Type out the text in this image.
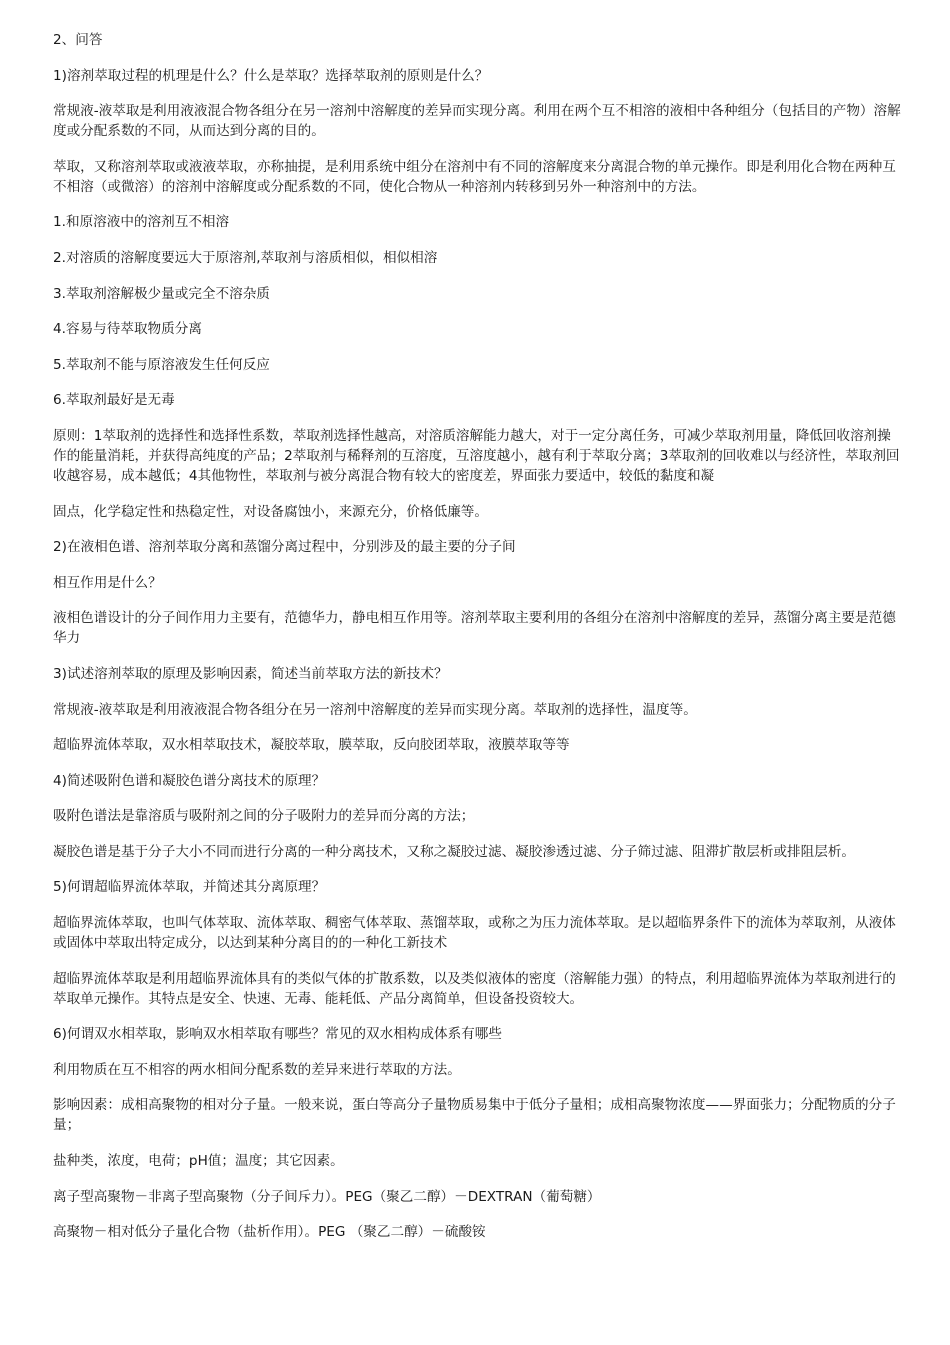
2、问答

1)溶剂萃取过程的机理是什么？什么是萃取？选择萃取剂的原则是什么？

常规液-液萃取是利用液液混合物各组分在另一溶剂中溶解度的差异而实现分离。利用在两个互不相溶的液相中各种组分（包括目的产物）溶解度或分配系数的不同，从而达到分离的目的。

萃取，又称溶剂萃取或液液萃取，亦称抽提，是利用系统中组分在溶剂中有不同的溶解度来分离混合物的单元操作。即是利用化合物在两种互不相溶（或微溶）的溶剂中溶解度或分配系数的不同，使化合物从一种溶剂内转移到另外一种溶剂中的方法。

1.和原溶液中的溶剂互不相溶

2.对溶质的溶解度要远大于原溶剂,萃取剂与溶质相似，相似相溶

3.萃取剂溶解极少量或完全不溶杂质

4.容易与待萃取物质分离

5.萃取剂不能与原溶液发生任何反应

6.萃取剂最好是无毒

原则：1萃取剂的选择性和选择性系数，萃取剂选择性越高，对溶质溶解能力越大，对于一定分离任务，可减少萃取剂用量，降低回收溶剂操作的能量消耗，并获得高纯度的产品；2萃取剂与稀释剂的互溶度，互溶度越小，越有利于萃取分离；3萃取剂的回收难以与经济性，萃取剂回收越容易，成本越低；4其他物性，萃取剂与被分离混合物有较大的密度差，界面张力要适中，较低的黏度和凝

固点，化学稳定性和热稳定性，对设备腐蚀小，来源充分，价格低廉等。

2)在液相色谱、溶剂萃取分离和蒸馏分离过程中，分别涉及的最主要的分子间

相互作用是什么？

液相色谱设计的分子间作用力主要有，范德华力，静电相互作用等。溶剂萃取主要利用的各组分在溶剂中溶解度的差异，蒸馏分离主要是范德华力

3)试述溶剂萃取的原理及影响因素，简述当前萃取方法的新技术？

常规液-液萃取是利用液液混合物各组分在另一溶剂中溶解度的差异而实现分离。萃取剂的选择性，温度等。

超临界流体萃取，双水相萃取技术，凝胶萃取，膜萃取，反向胶团萃取，液膜萃取等等

4)简述吸附色谱和凝胶色谱分离技术的原理？

吸附色谱法是靠溶质与吸附剂之间的分子吸附力的差异而分离的方法；

凝胶色谱是基于分子大小不同而进行分离的一种分离技术，又称之凝胶过滤、凝胶渗透过滤、分子筛过滤、阻滞扩散层析或排阻层析。

5)何谓超临界流体萃取，并简述其分离原理？

超临界流体萃取，也叫气体萃取、流体萃取、稠密气体萃取、蒸馏萃取，或称之为压力流体萃取。是以超临界条件下的流体为萃取剂，从液体或固体中萃取出特定成分，以达到某种分离目的的一种化工新技术

超临界流体萃取是利用超临界流体具有的类似气体的扩散系数，以及类似液体的密度（溶解能力强）的特点，利用超临界流体为萃取剂进行的萃取单元操作。其特点是安全、快速、无毒、能耗低、产品分离简单，但设备投资较大。

6)何谓双水相萃取，影响双水相萃取有哪些？常见的双水相构成体系有哪些

利用物质在互不相容的两水相间分配系数的差异来进行萃取的方法。

影响因素：成相高聚物的相对分子量。一般来说，蛋白等高分子量物质易集中于低分子量相；成相高聚物浓度——界面张力；分配物质的分子量；

盐种类，浓度，电荷；pH值；温度；其它因素。

离子型高聚物－非离子型高聚物（分子间斥力）。PEG（聚乙二醇）－DEXTRAN（葡萄糖）

高聚物－相对低分子量化合物（盐析作用）。PEG （聚乙二醇）－硫酸铵
